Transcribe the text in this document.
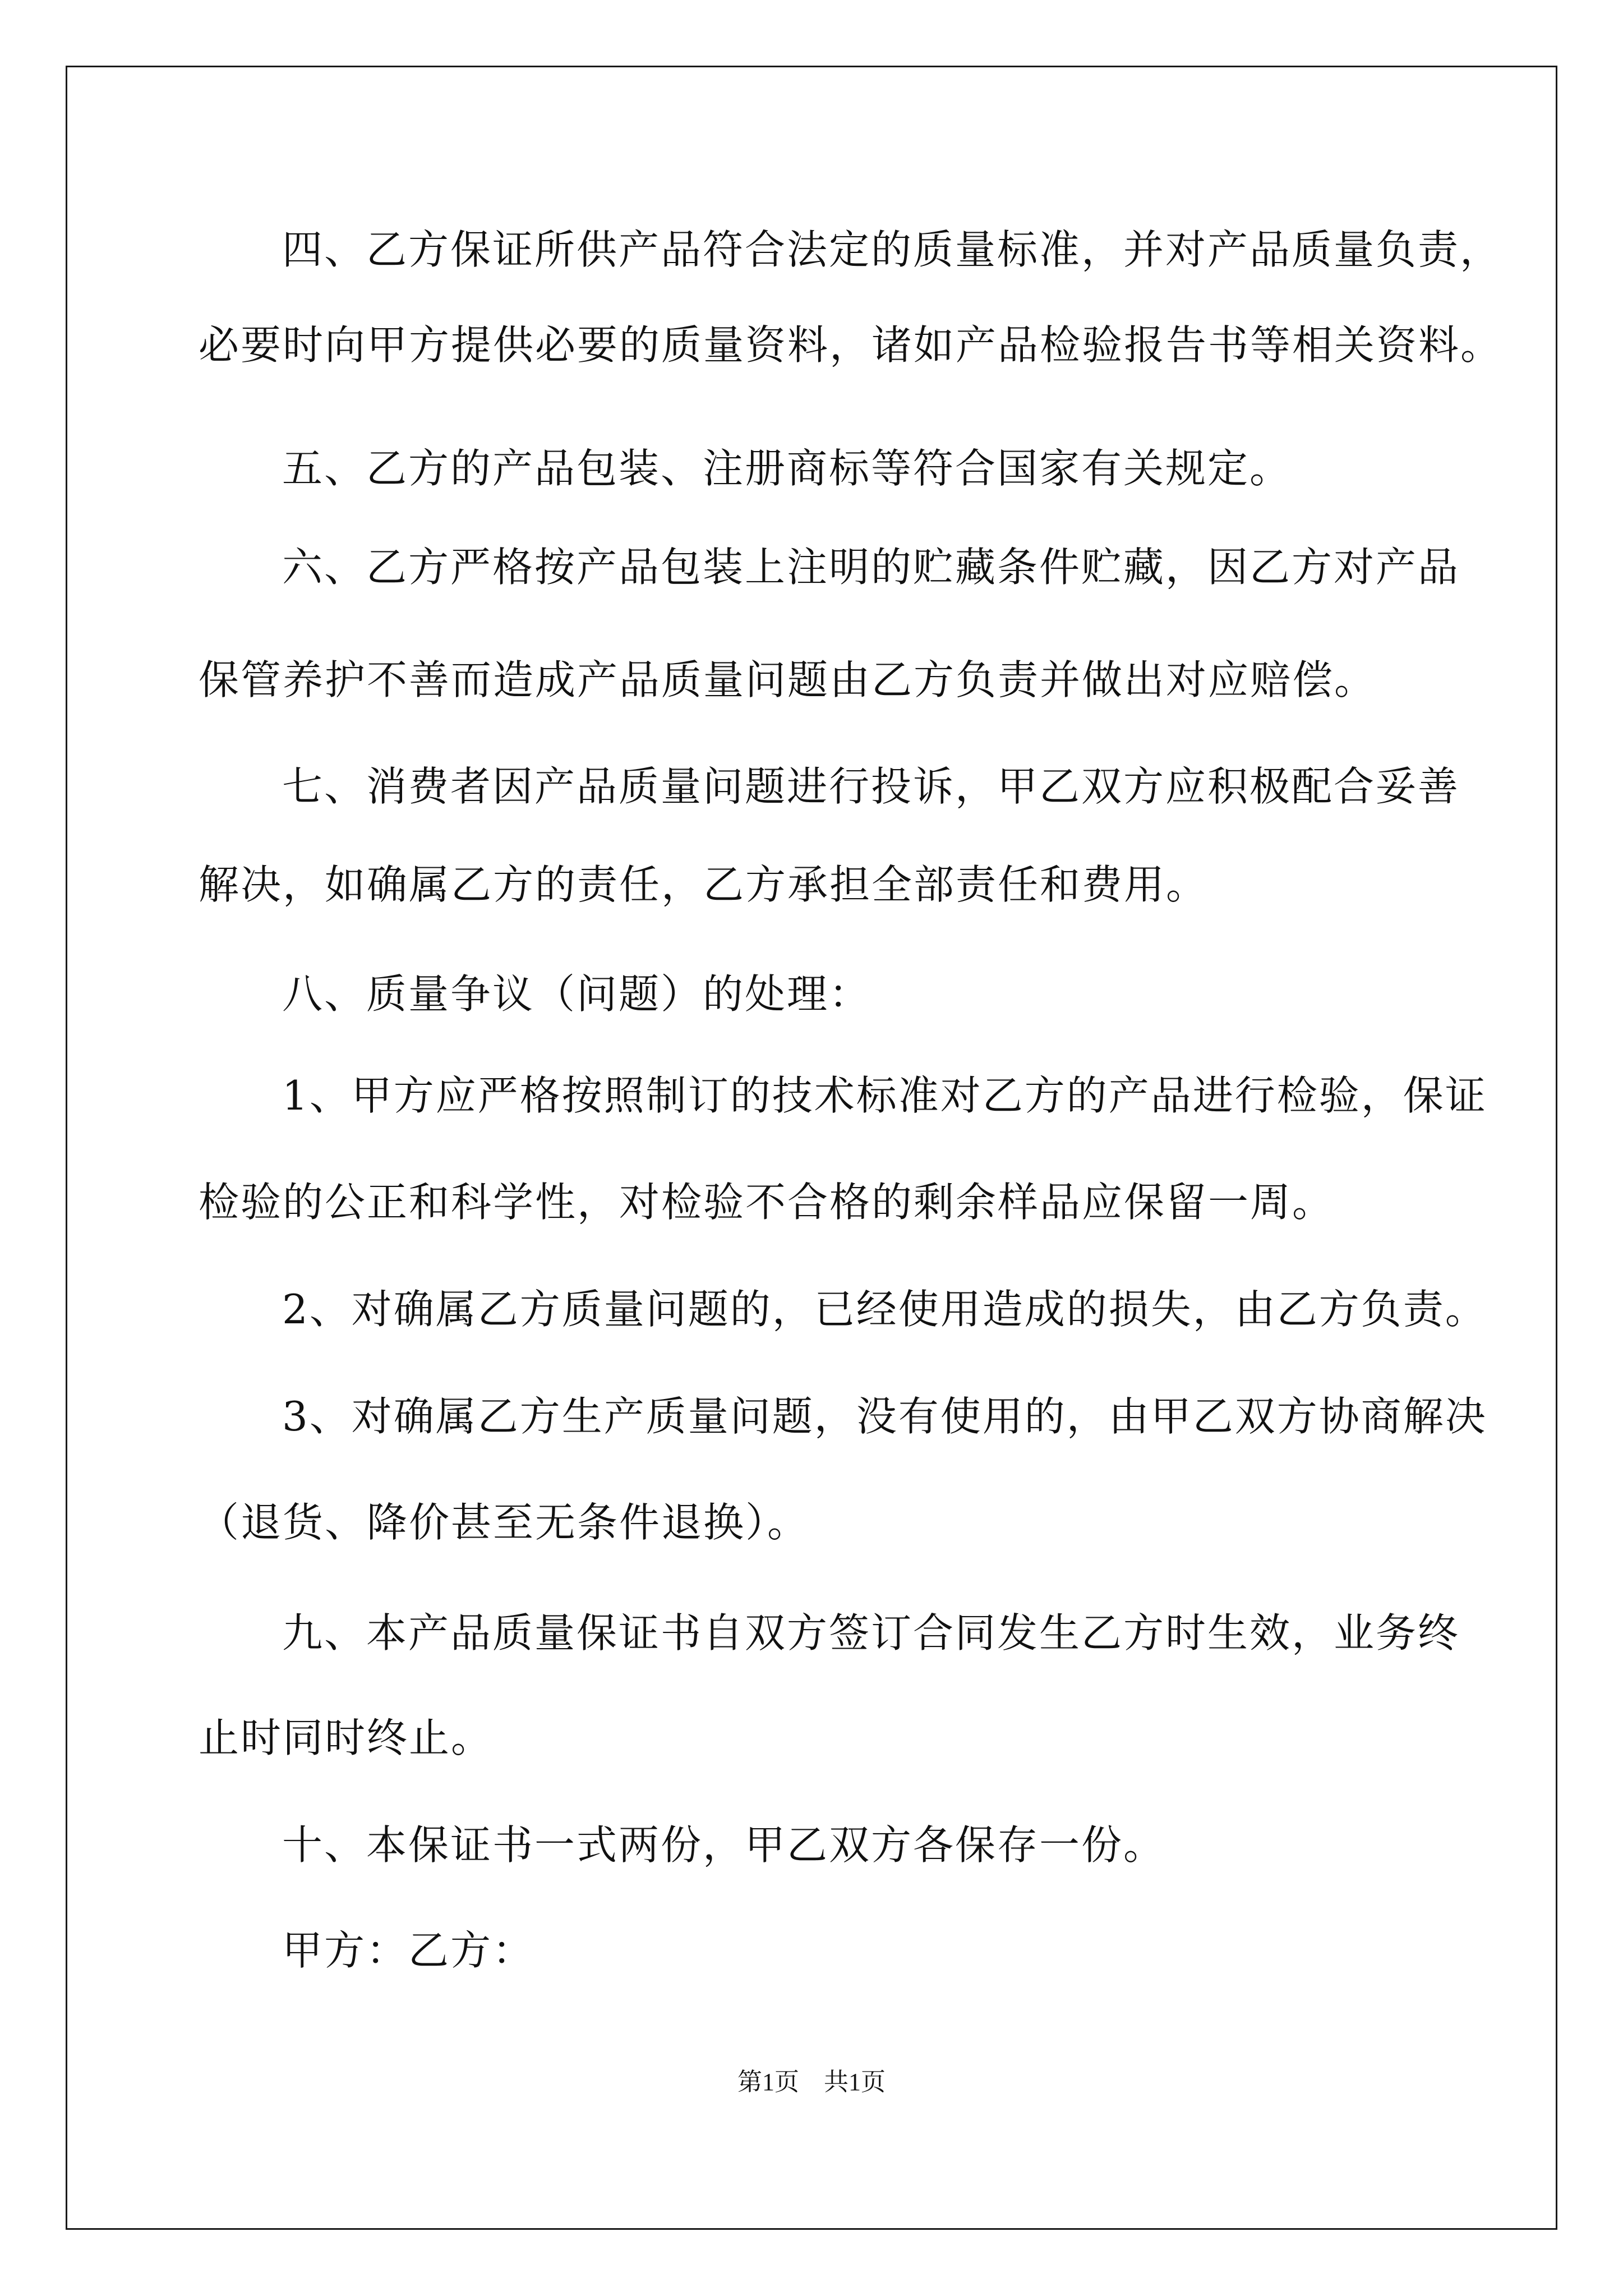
四、乙方保证所供产品符合法定的质量标准，并对产品质量负责，
必要时向甲方提供必要的质量资料，诸如产品检验报告书等相关资料。
五、乙方的产品包装、注册商标等符合国家有关规定。
六、乙方严格按产品包装上注明的贮藏条件贮藏，因乙方对产品
保管养护不善而造成产品质量问题由乙方负责并做出对应赔偿。
七、消费者因产品质量问题进行投诉，甲乙双方应积极配合妥善
解决，如确属乙方的责任，乙方承担全部责任和费用。
八、质量争议（问题）的处理：
1、甲方应严格按照制订的技术标准对乙方的产品进行检验，保证
检验的公正和科学性，对检验不合格的剩余样品应保留一周。
2、对确属乙方质量问题的，已经使用造成的损失，由乙方负责。
3、对确属乙方生产质量问题，没有使用的，由甲乙双方协商解决
（退货、降价甚至无条件退换）。
九、本产品质量保证书自双方签订合同发生乙方时生效，业务终
止时同时终止。
十、本保证书一式两份，甲乙双方各保存一份。
甲方：乙方：
第1页　共1页
